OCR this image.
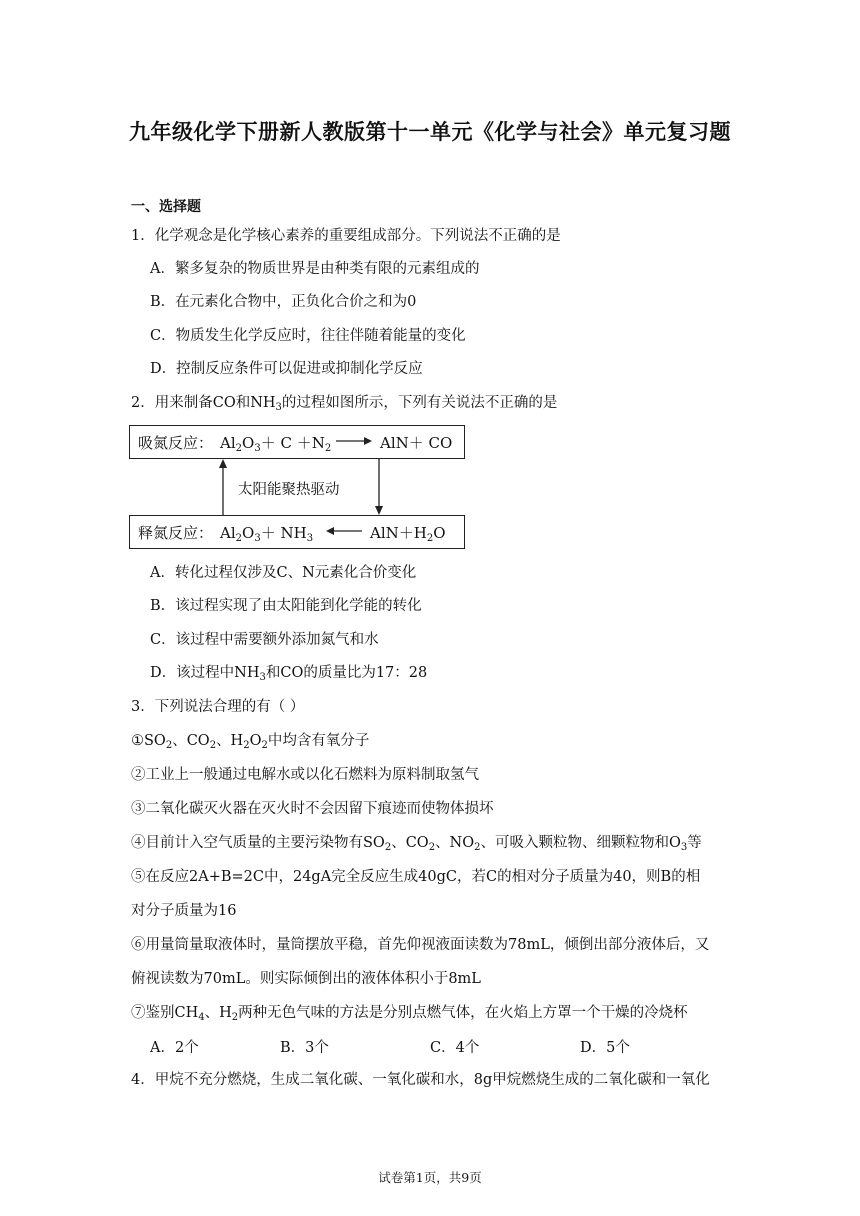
九年级化学下册新人教版第十一单元《化学与社会》单元复习题
一、选择题
1．化学观念是化学核心素养的重要组成部分。下列说法不正确的是
A．繁多复杂的物质世界是由种类有限的元素组成的
B．在元素化合物中，正负化合价之和为0
C．物质发生化学反应时，往往伴随着能量的变化
D．控制反应条件可以促进或抑制化学反应
2．用来制备CO和$NH_3$的过程如图所示，下列有关说法不正确的是
吸氮反应： $Al_2O_3+ C +N_2$	AlN＋ CO
太阳能聚热驱动
释氮反应： $Al_2O_3+ NH_3$	$AlN+H_2O$
A．转化过程仅涉及C、N元素化合价变化
B．该过程实现了由太阳能到化学能的转化
C．该过程中需要额外添加氮气和水
D．该过程中$NH_3$和CO的质量比为17：28
3．下列说法合理的有（ ）
$①SO_2$、$CO_2$、$H_2O_2$中均含有氧分子
②工业上一般通过电解水或以化石燃料为原料制取氢气
③二氧化碳灭火器在灭火时不会因留下痕迹而使物体损坏
④目前计入空气质量的主要污染物有$SO_2$、$CO_2$、$NO_2$、可吸入颗粒物、细颗粒物和$O_3$等
⑤在反应2A+B=2C中，24gA完全反应生成40gC，若C的相对分子质量为40，则B的相
对分子质量为16
⑥用量筒量取液体时，量筒摆放平稳，首先仰视液面读数为78mL，倾倒出部分液体后，又
俯视读数为70mL。则实际倾倒出的液体体积小于8mL
⑦鉴别$CH_4$、$H_2$两种无色气味的方法是分别点燃气体，在火焰上方罩一个干燥的冷烧杯
A．2个	B．3个	C．4个	D．5个
4．甲烷不充分燃烧，生成二氧化碳、一氧化碳和水，8g甲烷燃烧生成的二氧化碳和一氧化
试卷第1页，共9页
